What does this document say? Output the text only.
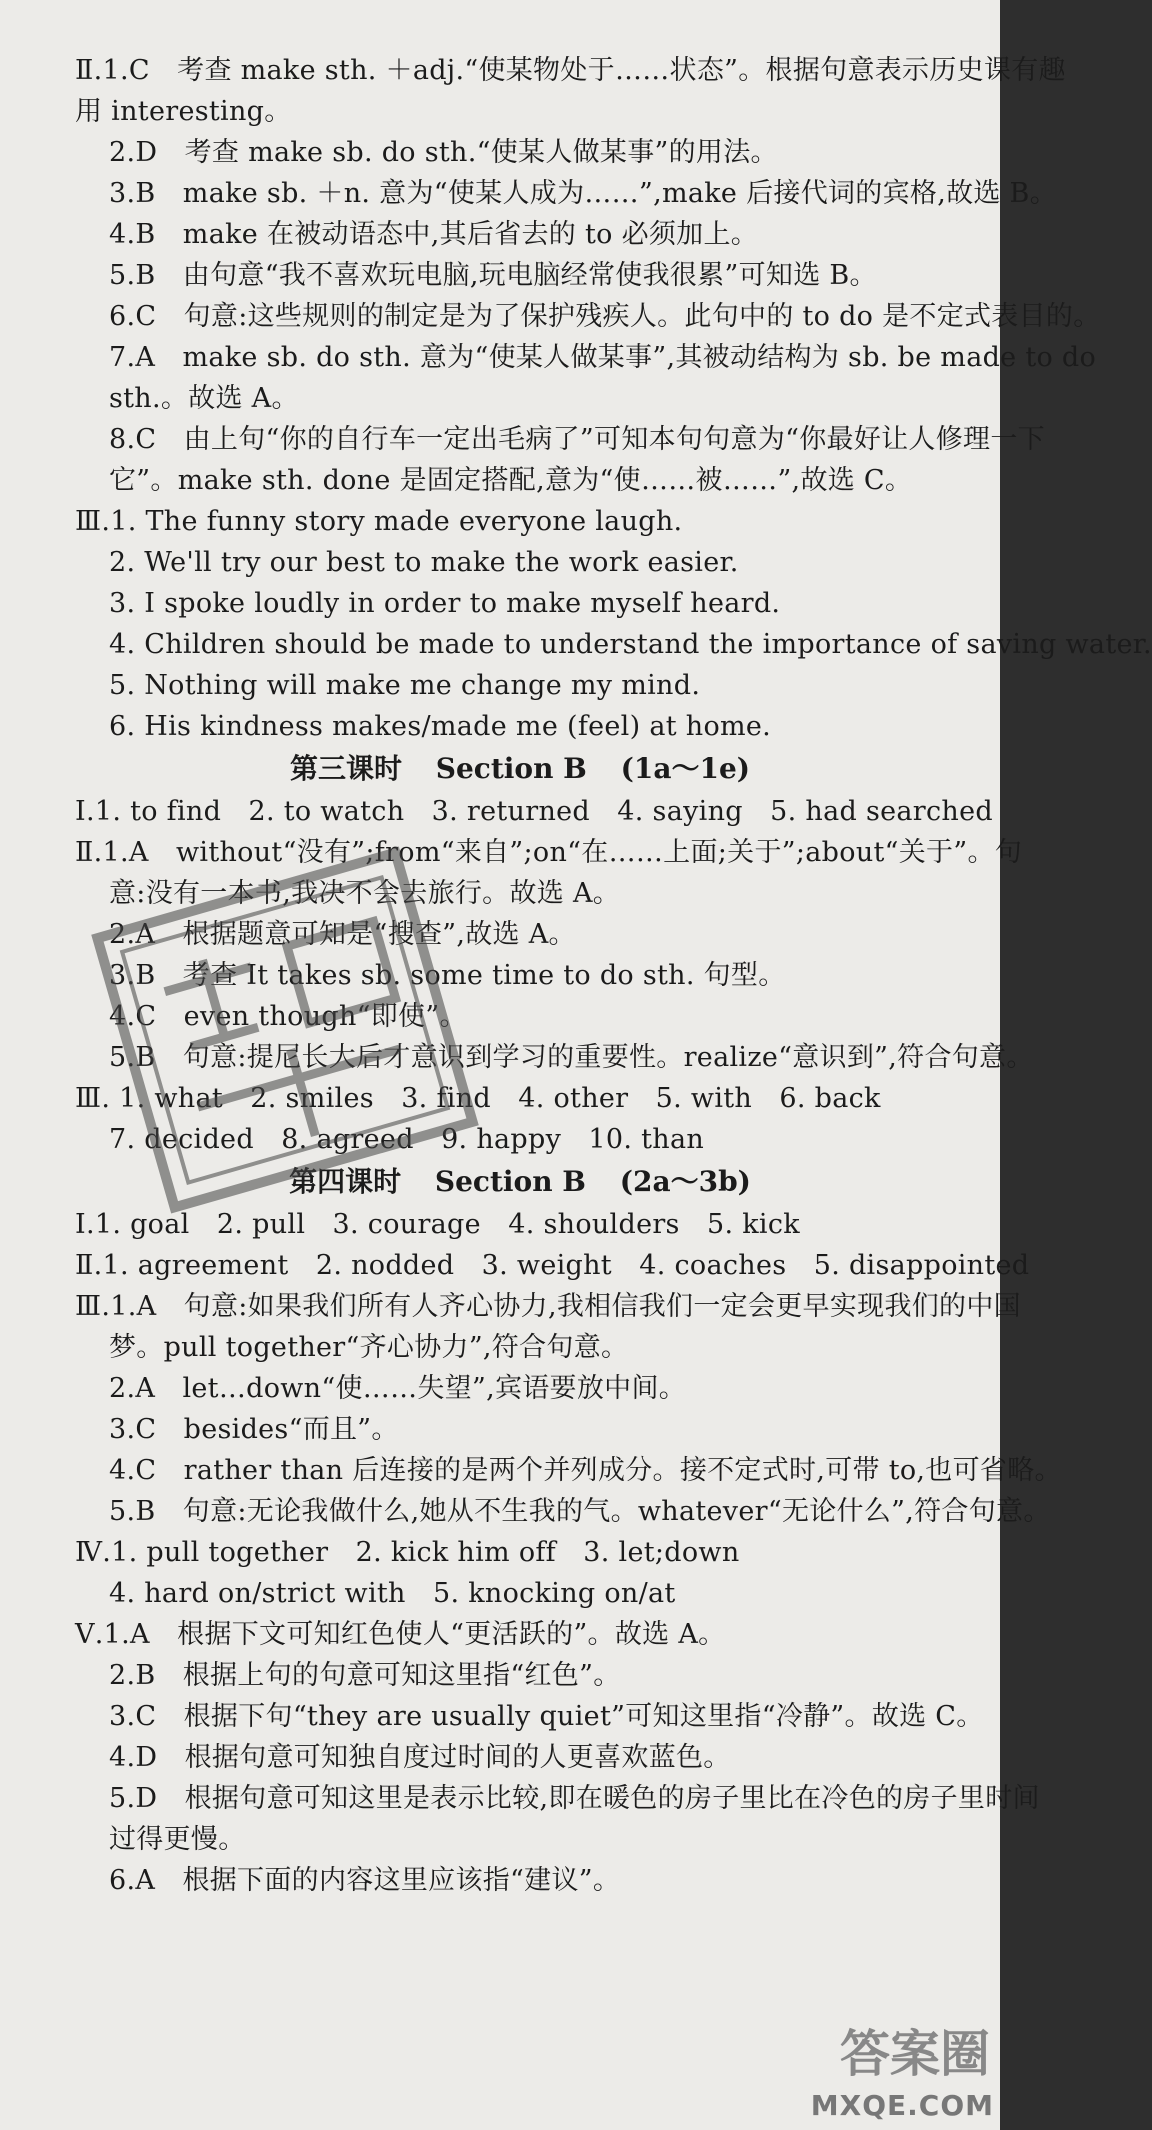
Ⅱ.1.C　考查 make sth. ＋adj.“使某物处于……状态”。根据句意表示历史课有趣
用 interesting。
2.D　考查 make sb. do sth.“使某人做某事”的用法。
3.B　make sb. ＋n. 意为“使某人成为……”,make 后接代词的宾格,故选 B。
4.B　make 在被动语态中,其后省去的 to 必须加上。
5.B　由句意“我不喜欢玩电脑,玩电脑经常使我很累”可知选 B。
6.C　句意:这些规则的制定是为了保护残疾人。此句中的 to do 是不定式表目的。
7.A　make sb. do sth. 意为“使某人做某事”,其被动结构为 sb. be made to do
sth.。故选 A。
8.C　由上句“你的自行车一定出毛病了”可知本句句意为“你最好让人修理一下
它”。make sth. done 是固定搭配,意为“使……被……”,故选 C。
Ⅲ.1. The funny story made everyone laugh.
2. We'll try our best to make the work easier.
3. I spoke loudly in order to make myself heard.
4. Children should be made to understand the importance of saving water.
5. Nothing will make me change my mind.
6. His kindness makes/made me (feel) at home.
第三课时 Section B (1a～1e)
Ⅰ.1. to find　2. to watch　3. returned　4. saying　5. had searched
Ⅱ.1.A　without“没有”;from“来自”;on“在……上面;关于”;about“关于”。句
意:没有一本书,我决不会去旅行。故选 A。
2.A　根据题意可知是“搜查”,故选 A。
3.B　考查 It takes sb. some time to do sth. 句型。
4.C　even though“即使”。
5.B　句意:提尼长大后才意识到学习的重要性。realize“意识到”,符合句意。
Ⅲ. 1. what　2. smiles　3. find　4. other　5. with　6. back
7. decided　8. agreed　9. happy　10. than
第四课时 Section B (2a～3b)
Ⅰ.1. goal　2. pull　3. courage　4. shoulders　5. kick
Ⅱ.1. agreement　2. nodded　3. weight　4. coaches　5. disappointed
Ⅲ.1.A　句意:如果我们所有人齐心协力,我相信我们一定会更早实现我们的中国
梦。pull together“齐心协力”,符合句意。
2.A　let…down“使……失望”,宾语要放中间。
3.C　besides“而且”。
4.C　rather than 后连接的是两个并列成分。接不定式时,可带 to,也可省略。
5.B　句意:无论我做什么,她从不生我的气。whatever“无论什么”,符合句意。
Ⅳ.1. pull together　2. kick him off　3. let;down
4. hard on/strict with　5. knocking on/at
Ⅴ.1.A　根据下文可知红色使人“更活跃的”。故选 A。
2.B　根据上句的句意可知这里指“红色”。
3.C　根据下句“they are usually quiet”可知这里指“冷静”。故选 C。
4.D　根据句意可知独自度过时间的人更喜欢蓝色。
5.D　根据句意可知这里是表示比较,即在暖色的房子里比在冷色的房子里时间
过得更慢。
6.A　根据下面的内容这里应该指“建议”。
答案圈
MXQE.COM
